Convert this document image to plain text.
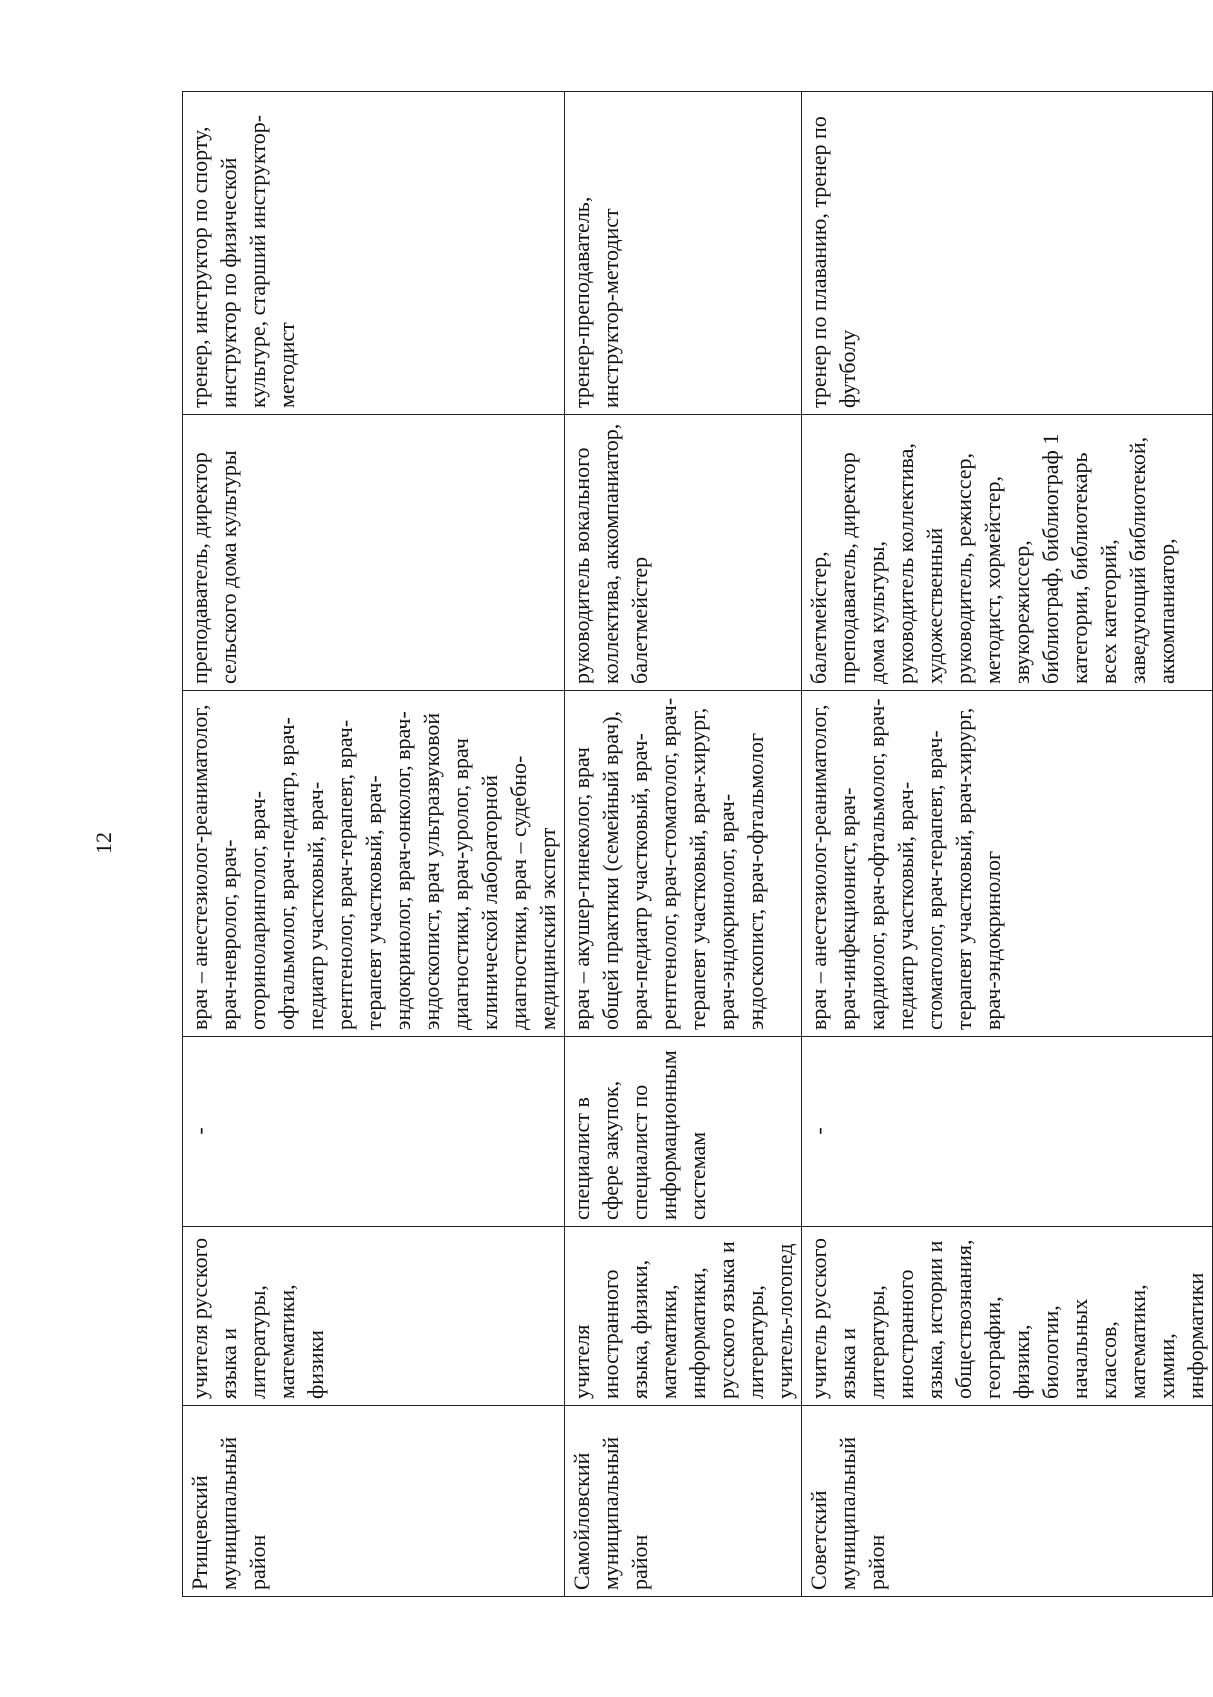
12
Ртищевский муниципальный район	учителя русского языка и литературы, математики, физики	-	врач – анестезиолог-реаниматолог, врач-невролог, врач-оториноларинголог, врач-офтальмолог, врач-педиатр, врач-педиатр участковый, врач-рентгенолог, врач-терапевт, врач-терапевт участковый, врач-эндокринолог, врач-онколог, врач-эндоскопист, врач ультразвуковой диагностики, врач-уролог, врач клинической лабораторной диагностики, врач – судебно-медицинский эксперт	преподаватель, директор сельского дома культуры	тренер, инструктор по спорту, инструктор по физической культуре, старший инструктор-методист
Самойловский муниципальный район	учителя иностранного языка, физики, математики, информатики, русского языка и литературы, учитель-логопед	специалист в сфере закупок, специалист по информационным системам	врач – акушер-гинеколог, врач общей практики (семейный врач), врач-педиатр участковый, врач-рентгенолог, врач-стоматолог, врач-терапевт участковый, врач-хирург, врач-эндокринолог, врач-эндоскопист, врач-офтальмолог	руководитель вокального коллектива, аккомпаниатор, балетмейстер	тренер-преподаватель, инструктор-методист
Советский муниципальный район	учитель русского языка и литературы, иностранного языка, истории и обществознания, географии, физики, биологии, начальных классов, математики, химии, информатики	-	врач – анестезиолог-реаниматолог, врач-инфекционист, врач-кардиолог, врач-офтальмолог, врач-педиатр участковый, врач-стоматолог, врач-терапевт, врач-терапевт участковый, врач-хирург, врач-эндокринолог	балетмейстер, преподаватель, директор дома культуры, руководитель коллектива, художественный руководитель, режиссер, методист, хормейстер, звукорежиссер, библиограф, библиограф 1 категории, библиотекарь всех категорий, заведующий библиотекой, аккомпаниатор,	тренер по плаванию, тренер по футболу
